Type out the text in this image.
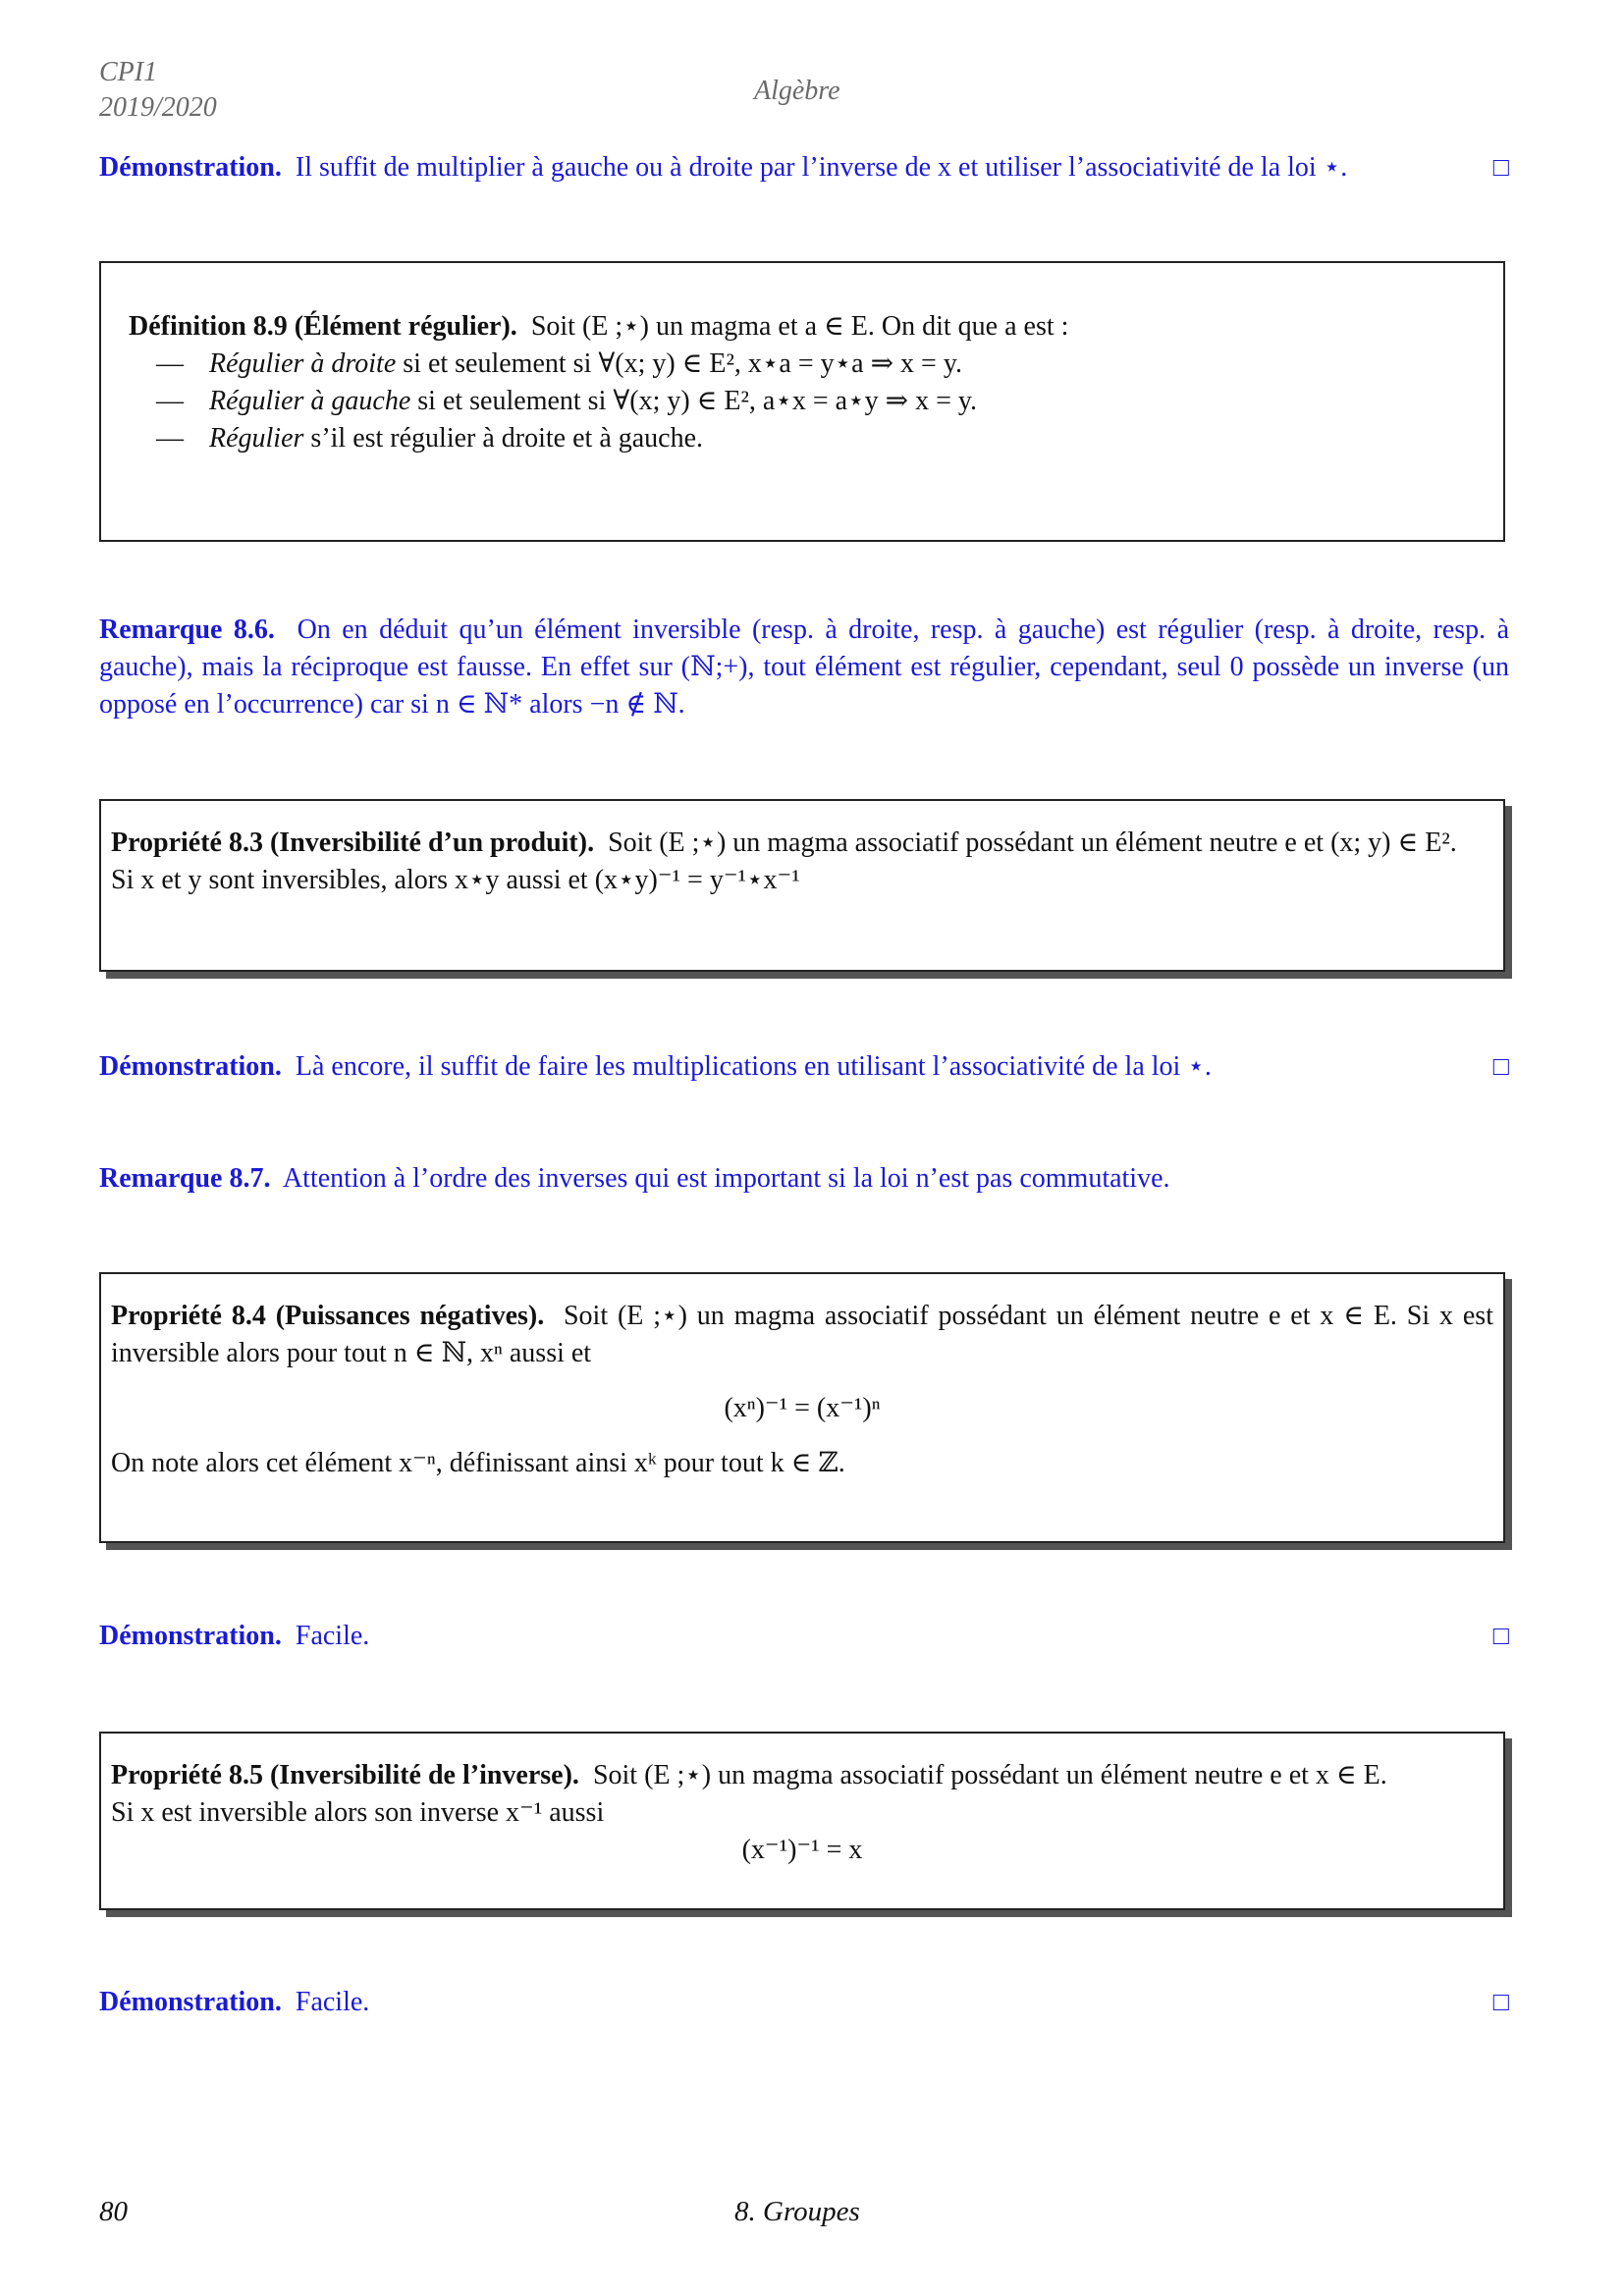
CPI1
2019/2020
Algèbre
Démonstration. Il suffit de multiplier à gauche ou à droite par l’inverse de x et utiliser l’associativité de la loi ⋆.	□
Définition 8.9 (Élément régulier). Soit (E ;⋆) un magma et a ∈ E. On dit que a est :
— Régulier à droite si et seulement si ∀(x; y) ∈ E², x⋆a = y⋆a ⇒ x = y.
— Régulier à gauche si et seulement si ∀(x; y) ∈ E², a⋆x = a⋆y ⇒ x = y.
— Régulier s’il est régulier à droite et à gauche.
Remarque 8.6. On en déduit qu’un élément inversible (resp. à droite, resp. à gauche) est régulier (resp. à droite, resp. à gauche), mais la réciproque est fausse. En effet sur (ℕ;+), tout élément est régulier, cependant, seul 0 possède un inverse (un opposé en l’occurrence) car si n ∈ ℕ* alors −n ∉ ℕ.
Propriété 8.3 (Inversibilité d’un produit). Soit (E ;⋆) un magma associatif possédant un élément neutre e et (x; y) ∈ E².
Si x et y sont inversibles, alors x⋆y aussi et (x⋆y)⁻¹ = y⁻¹⋆x⁻¹
Démonstration. Là encore, il suffit de faire les multiplications en utilisant l’associativité de la loi ⋆.	□
Remarque 8.7. Attention à l’ordre des inverses qui est important si la loi n’est pas commutative.
Propriété 8.4 (Puissances négatives). Soit (E ;⋆) un magma associatif possédant un élément neutre e et x ∈ E. Si x est inversible alors pour tout n ∈ ℕ, xⁿ aussi et
(xⁿ)⁻¹ = (x⁻¹)ⁿ
On note alors cet élément x⁻ⁿ, définissant ainsi xᵏ pour tout k ∈ ℤ.
Démonstration. Facile.	□
Propriété 8.5 (Inversibilité de l’inverse). Soit (E ;⋆) un magma associatif possédant un élément neutre e et x ∈ E.
Si x est inversible alors son inverse x⁻¹ aussi
(x⁻¹)⁻¹ = x
Démonstration. Facile.	□
80	8. Groupes
